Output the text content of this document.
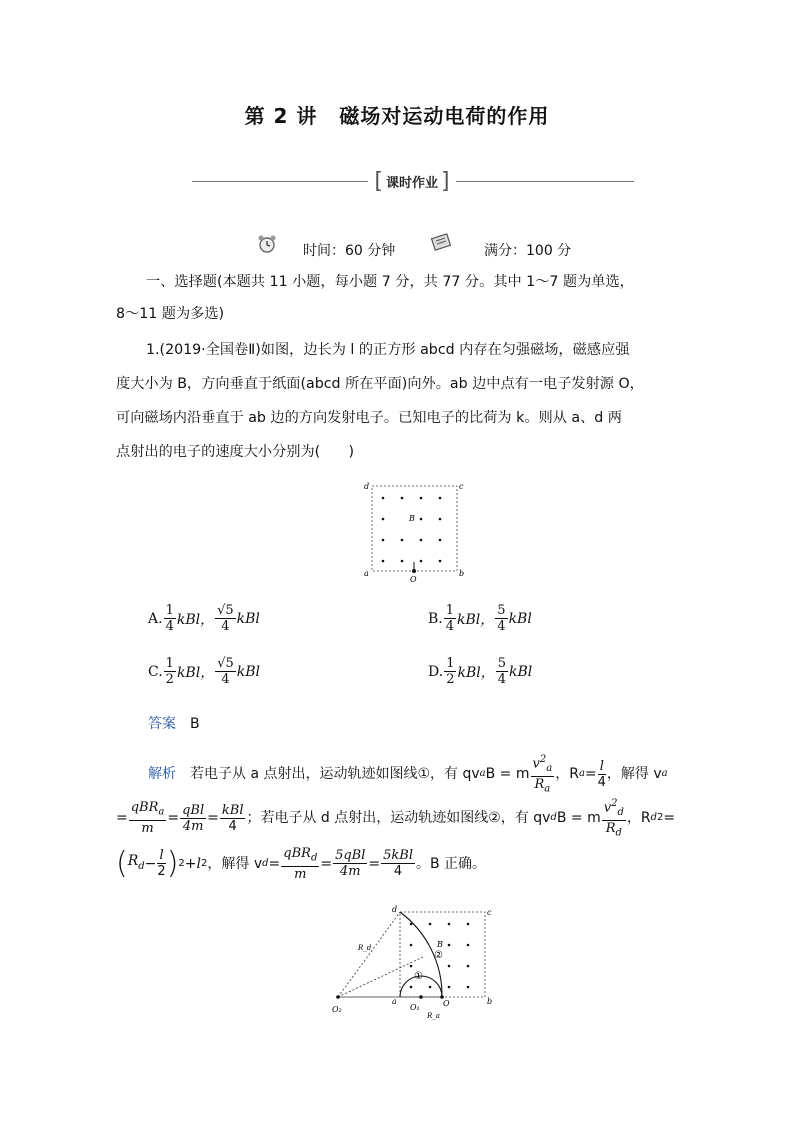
第 2 讲 磁场对运动电荷的作用
[ 课时作业 ]
时间：60 分钟	满分：100 分
一、选择题(本题共 11 小题，每小题 7 分，共 77 分。其中 1～7 题为单选，
8～11 题为多选)
1.(2019·全国卷Ⅱ)如图，边长为 l 的正方形 abcd 内存在匀强磁场，磁感应强
度大小为 B，方向垂直于纸面(abcd 所在平面)向外。ab 边中点有一电子发射源 O，
可向磁场内沿垂直于 ab 边的方向发射电子。已知电子的比荷为 k。则从 a、d 两
点射出的电子的速度大小分别为(　　)
d	c
a	b
O
B
A. $\frac{1}{4}$ kBl， $\frac{√5}{4}$ kBl	B. $\frac{1}{4}$ kBl， $\frac{5}{4}$ kBl
C. $\frac{1}{2}$ kBl， $\frac{√5}{4}$ kBl	D. $\frac{1}{2}$ kBl， $\frac{5}{4}$ kBl
答案 B
解析 若电子从 a 点射出，运动轨迹如图线①，有 qv a B = m $\frac{v^2_a}{R_a}$ ，R $a = \frac{l}{4}$ ，解得 v a
= $\frac{qBR_a}{m} = \frac{\text{qBl}}{4m} = \frac{\text{kBl}}{4}$ ；若电子从 d 点射出，运动轨迹如图线②，有 qv d B = m $\frac{v^2_d}{R_d}$ ，R d 2 =
( $R_d - \frac{l}{2}$ ) 2 + l 2 ，解得 v $d = \frac{qBR_d}{m} = \frac{\text{5qBl}}{4m} = \frac{\text{5kBl}}{4}$ 。B 正确。
d	c
a	b
O
O₁
O₂
R_d
R_a
B
①
②
